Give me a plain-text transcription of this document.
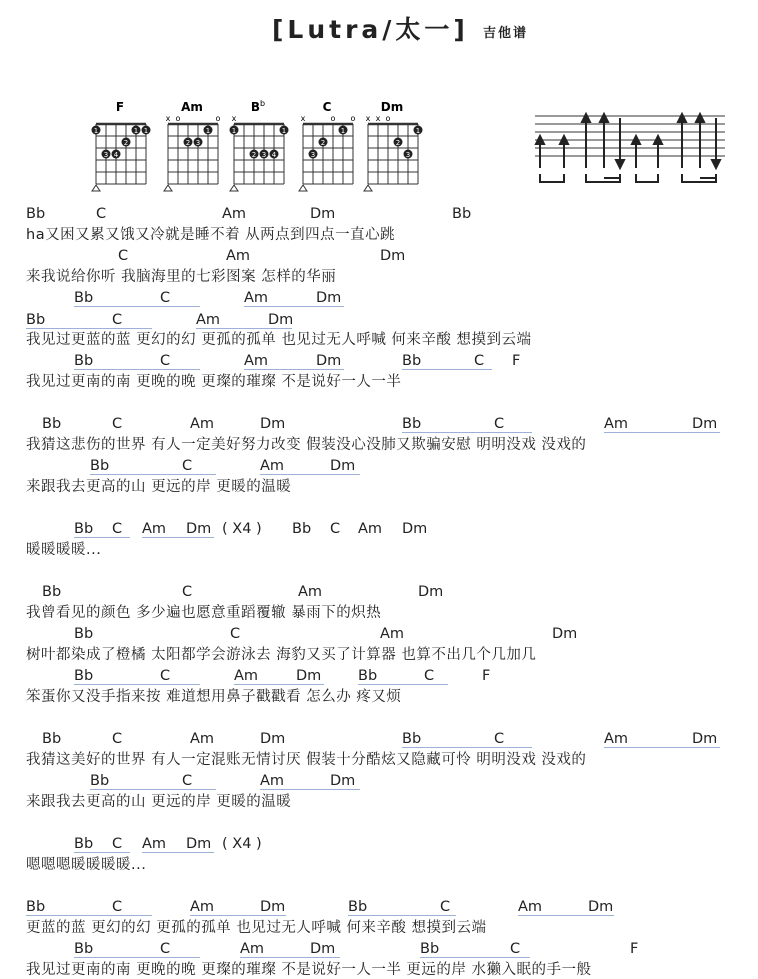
[Lutra/太一] 吉他谱
F
1	1 1
2
3 4
Am
x o	o
1
2 3
$B^b$
x
1	1
2 3 4
C
x	o o
1
2
3
Dm
x x o
1
2
3
Bb	C	Am	Dm	Bb
ha又困又累又饿又冷就是睡不着 从两点到四点一直心跳
C	Am	Dm
来我说给你听 我脑海里的七彩图案 怎样的华丽
Bb	C	Am	Dm
Bb	C	Am	Dm
我见过更蓝的蓝 更幻的幻 更孤的孤单 也见过无人呼喊 何来辛酸 想摸到云端
Bb	C	Am	Dm	Bb	C F
我见过更南的南 更晚的晚 更璨的璀璨 不是说好一人一半
Bb	C	Am	Dm	Bb	C	Am	Dm
我猜这悲伤的世界 有人一定美好努力改变 假装没心没肺又欺骗安慰 明明没戏 没戏的
Bb	C	Am	Dm
来跟我去更高的山 更远的岸 更暖的温暖
Bb C Am Dm ( X4 ) Bb C Am Dm
暖暖暖暖...
Bb	C	Am	Dm
我曾看见的颜色 多少遍也愿意重蹈覆辙 暴雨下的炽热
Bb	C	Am	Dm
树叶都染成了橙橘 太阳都学会游泳去 海豹又买了计算器 也算不出几个几加几
Bb	C	Am	Dm	Bb	C	F
笨蛋你又没手指来按 难道想用鼻子戳戳看 怎么办 疼又烦
Bb	C	Am	Dm	Bb	C	Am	Dm
我猜这美好的世界 有人一定混账无情讨厌 假装十分酷炫又隐藏可怜 明明没戏 没戏的
Bb	C	Am	Dm
来跟我去更高的山 更远的岸 更暖的温暖
Bb C Am Dm ( X4 )
嗯嗯嗯暖暖暖暖...
Bb	C	Am	Dm	Bb	C	Am	Dm
更蓝的蓝 更幻的幻 更孤的孤单 也见过无人呼喊 何来辛酸 想摸到云端
Bb	C	Am	Dm	Bb	C	F
我见过更南的南 更晚的晚 更璨的璀璨 不是说好一人一半 更远的岸 水獭入眠的手一般
